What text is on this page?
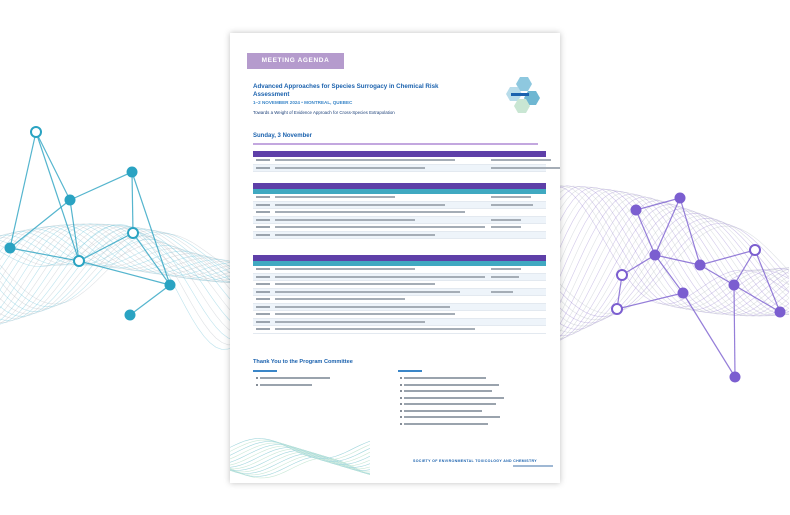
MEETING AGENDA
Advanced Approaches for Species Surrogacy in Chemical Risk Assessment
1–2 NOVEMBER 2024 • MONTREAL, QUEBEC
Towards a Weight of Evidence Approach for Cross-Species Extrapolation
Sunday, 3 November
Thank You to the Program Committee
SOCIETY OF ENVIRONMENTAL TOXICOLOGY AND CHEMISTRY
